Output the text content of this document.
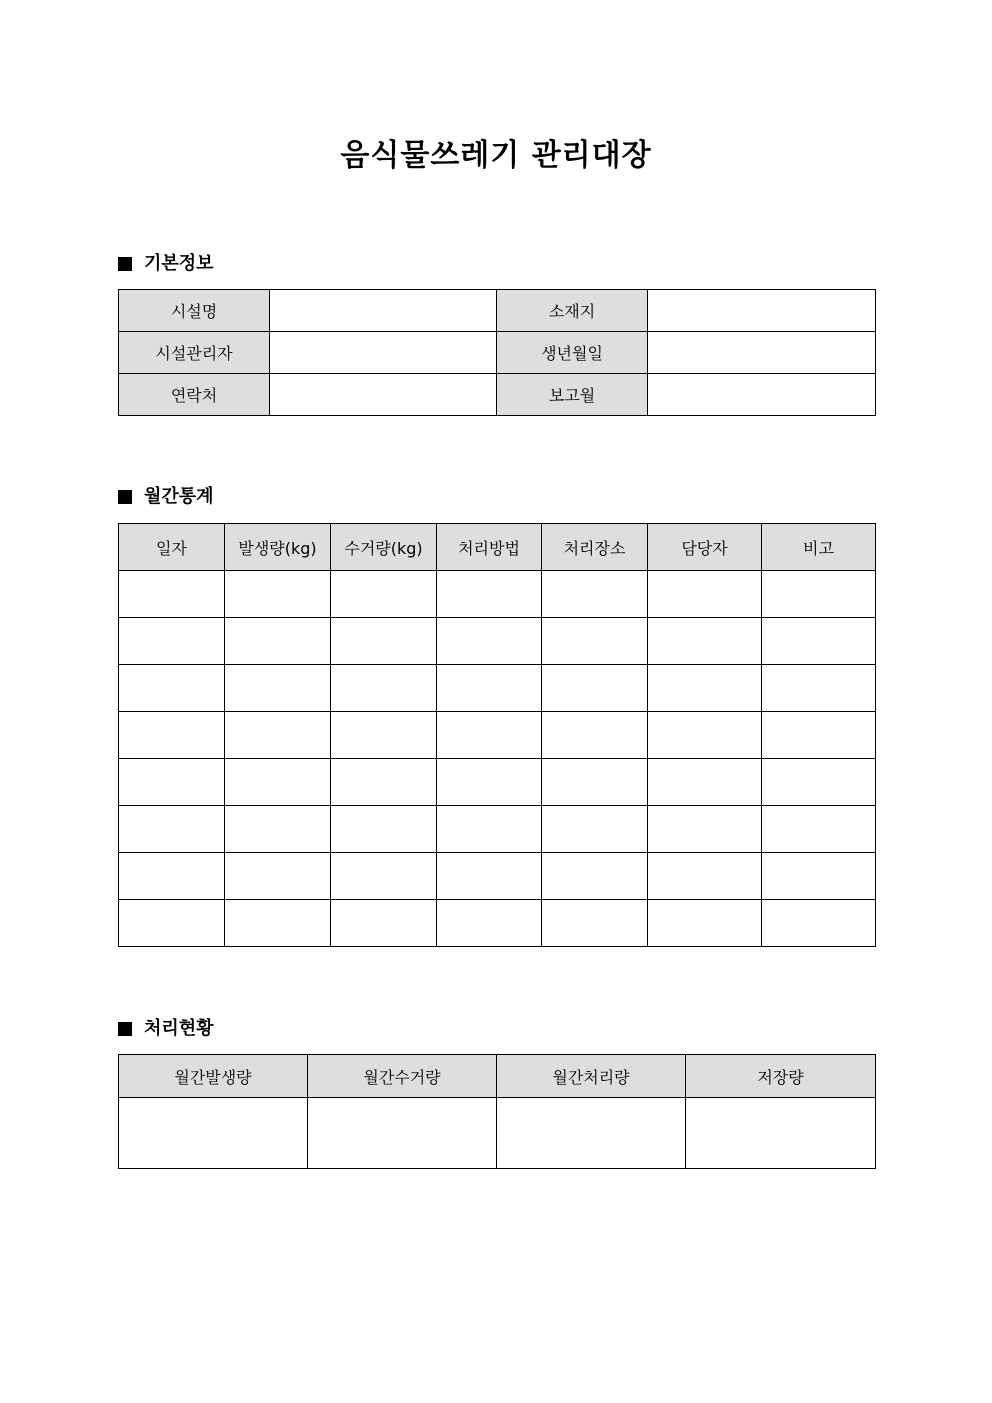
음식물쓰레기 관리대장
기본정보
시설명		소재지	
시설관리자		생년월일	
연락처		보고월	
월간통계
일자	발생량(kg)	수거량(kg)	처리방법	처리장소	담당자	비고

처리현황
월간발생량	월간수거량	월간처리량	저장량
